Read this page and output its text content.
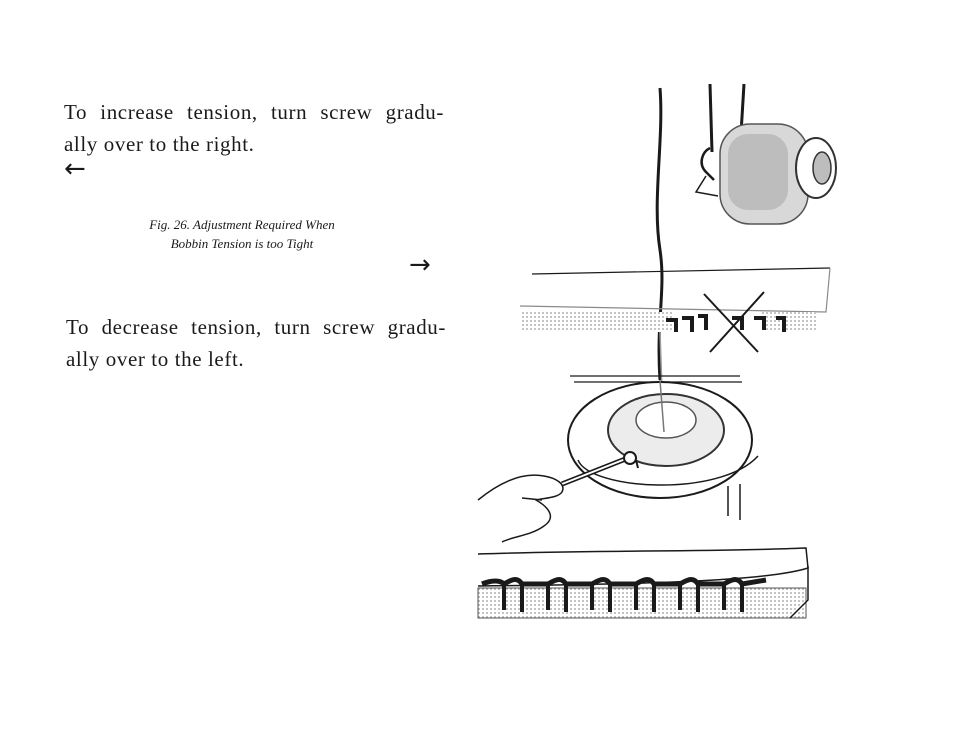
To increase tension, turn screw gradu-
ally over to the right.
←
Fig. 26. Adjustment Required When
Bobbin Tension is too Tight
→
To decrease tension, turn screw gradu-
ally over to the left.
